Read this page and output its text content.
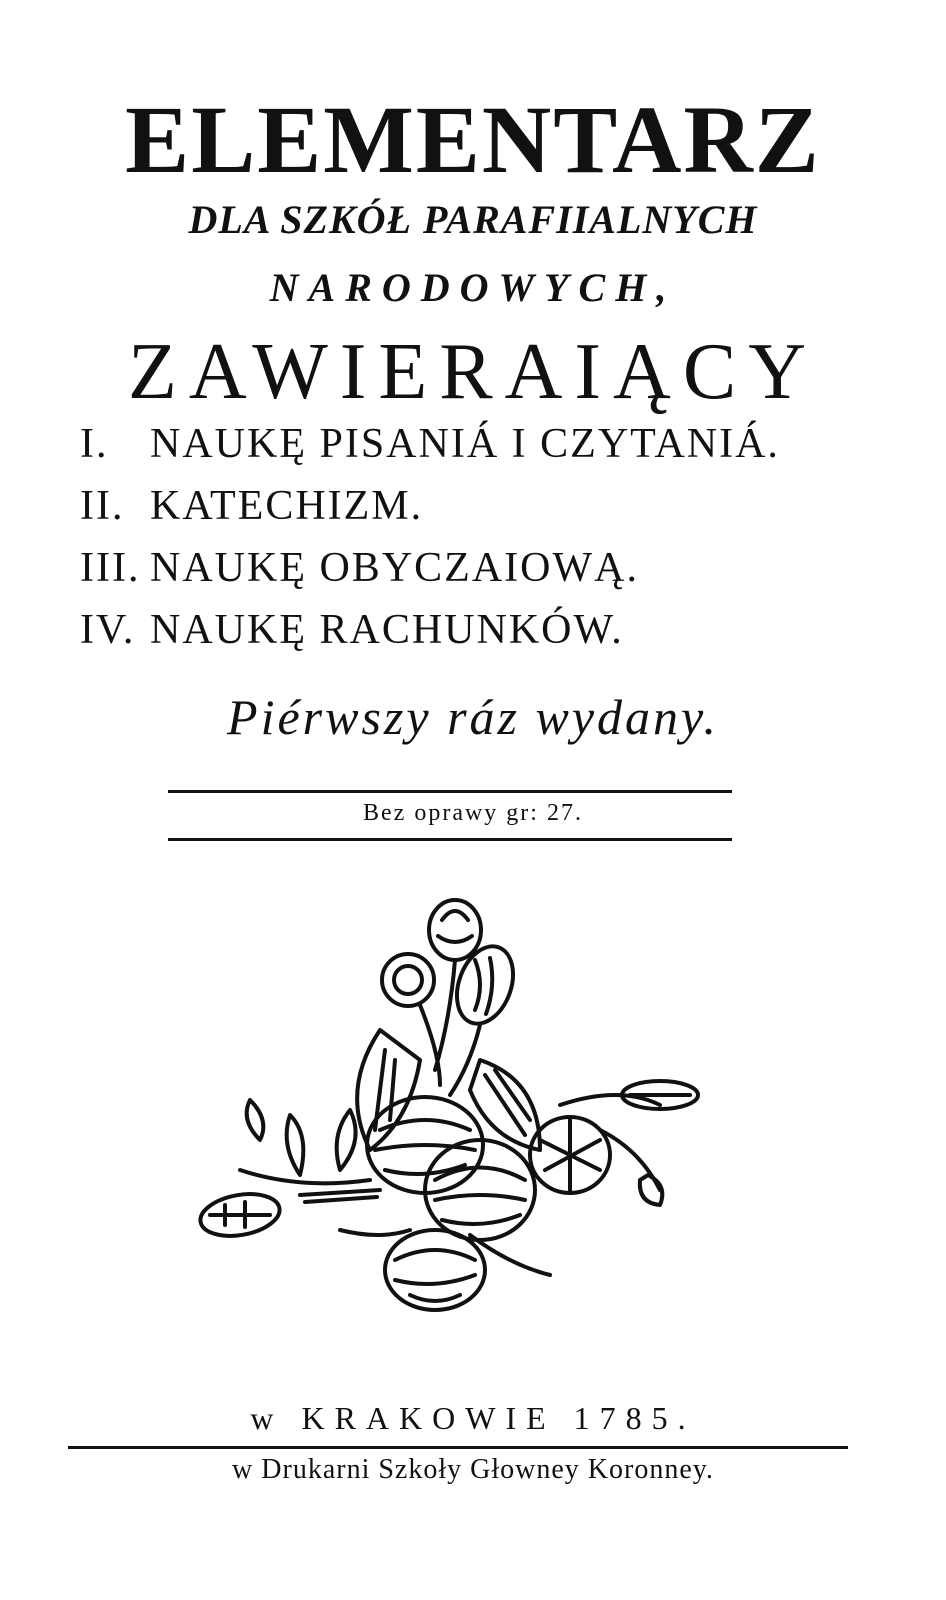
ELEMENTARZ
DLA SZKÓŁ PARAFIIALNYCH
NARODOWYCH,
ZAWIERAIĄCY
I. NAUKĘ PISANIÁ I CZYTANIÁ.
II. KATECHIZM.
III. NAUKĘ OBYCZAIOWĄ.
IV. NAUKĘ RACHUNKÓW.
Piérwszy ráz wydany.
Bez oprawy gr: 27.
w KRAKOWIE 1785.
w Drukarni Szkoły Głowney Koronney.
